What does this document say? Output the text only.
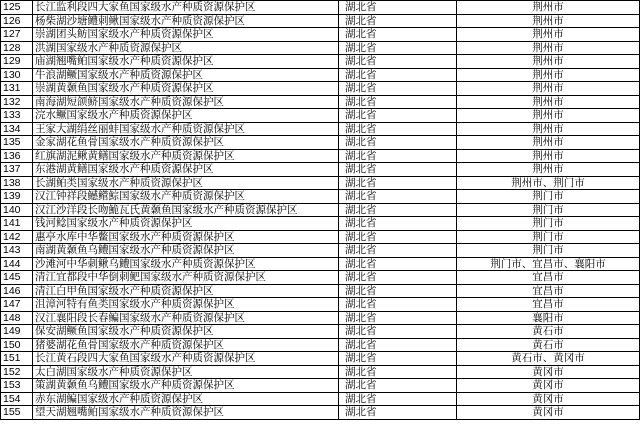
125	长江监利段四大家鱼国家级水产种质资源保护区	湖北省	荆州市
126	杨柴湖沙塘鳢刺鳅国家级水产种质资源保护区	湖北省	荆州市
127	崇湖团头鲂国家级水产种质资源保护区	湖北省	荆州市
128	洪湖国家级水产种质资源保护区	湖北省	荆州市
129	庙湖翘嘴鲌国家级水产种质资源保护区	湖北省	荆州市
130	牛浪湖鳜国家级水产种质资源保护区	湖北省	荆州市
131	崇湖黄颡鱼国家级水产种质资源保护区	湖北省	荆州市
132	南海湖短颌鲚国家级水产种质资源保护区	湖北省	荆州市
133	浣水鳜国家级水产种质资源保护区	湖北省	荆州市
134	王家大湖绢丝丽蚌国家级水产种质资源保护区	湖北省	荆州市
135	金家湖花鱼骨国家级水产种质资源保护区	湖北省	荆州市
136	红旗湖泥鳅黄鳝国家级水产种质资源保护区	湖北省	荆州市
137	东港湖黄鳝国家级水产种质资源保护区	湖北省	荆州市
138	长湖鲌类国家级水产种质资源保护区	湖北省	荆州市、荆门市
139	汉江钟祥段鳡鳤鯮国家级水产种质资源保护区	湖北省	荆门市
140	汉江沙洋段长吻鮠瓦氏黄颡鱼国家级水产种质资源保护区	湖北省	荆门市
141	钱河鲶国家级水产种质资源保护区	湖北省	荆门市
142	惠亭水库中华鳖国家级水产种质资源保护区	湖北省	荆门市
143	南湖黄颡鱼乌鳢国家级水产种质资源保护区	湖北省	荆门市
144	沙滩河中华刺鳅乌鳢国家级水产种质资源保护区	湖北省	荆门市、宜昌市、襄阳市
145	清江宜都段中华倒刺鲃国家级水产种质资源保护区	湖北省	宜昌市
146	清江白甲鱼国家级水产种质资源保护区	湖北省	宜昌市
147	沮漳河特有鱼类国家级水产种质资源保护区	湖北省	宜昌市
148	汉江襄阳段长春鳊国家级水产种质资源保护区	湖北省	襄阳市
149	保安湖鳜鱼国家级水产种质资源保护区	湖北省	黄石市
150	猪婆湖花鱼骨国家级水产种质资源保护区	湖北省	黄石市
151	长江黄石段四大家鱼国家级水产种质资源保护区	湖北省	黄石市、黄冈市
152	太白湖国家级水产种质资源保护区	湖北省	黄冈市
153	策湖黄颡鱼乌鳢国家级水产种质资源保护区	湖北省	黄冈市
154	赤东湖鳊国家级水产种质资源保护区	湖北省	黄冈市
155	望天湖翘嘴鲌国家级水产种质资源保护区	湖北省	黄冈市
